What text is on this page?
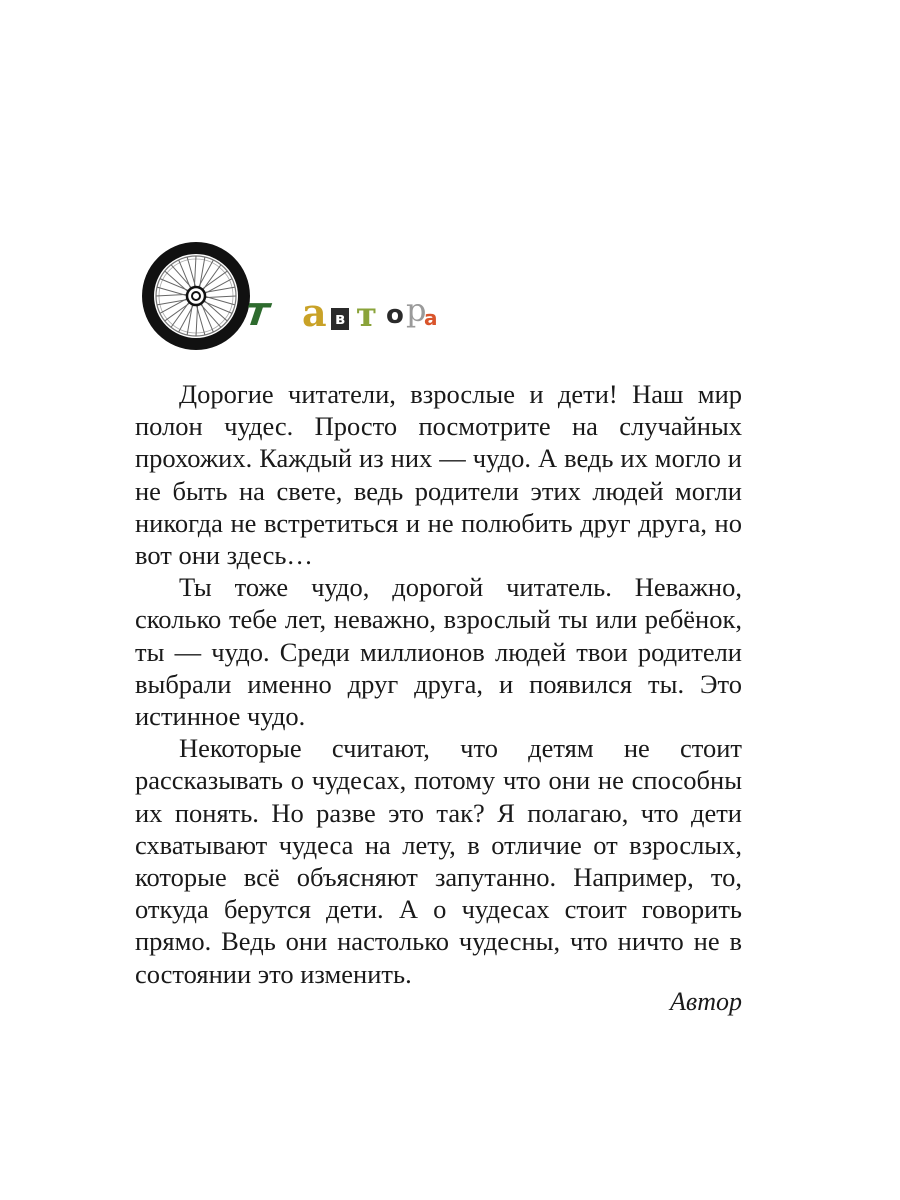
т а в т о р
а

Дорогие читатели, взрослые и дети! Наш мир полон чудес. Просто посмотрите на случайных прохожих. Каждый из них — чудо. А ведь их могло и не быть на свете, ведь родители этих людей могли никогда не встретиться и не полюбить друг друга, но вот они здесь…

Ты тоже чудо, дорогой читатель. Неважно, сколько тебе лет, неважно, взрослый ты или ребёнок, ты — чудо. Среди миллионов людей твои родители выбрали именно друг друга, и появился ты. Это истинное чудо.

Некоторые считают, что детям не стоит рассказывать о чудесах, потому что они не способны их понять. Но разве это так? Я полагаю, что дети схватывают чудеса на лету, в отличие от взрослых, которые всё объясняют запутанно. Например, то, откуда берутся дети. А о чудесах стоит говорить прямо. Ведь они настолько чудесны, что ничто не в состоянии это изменить.

Автор
